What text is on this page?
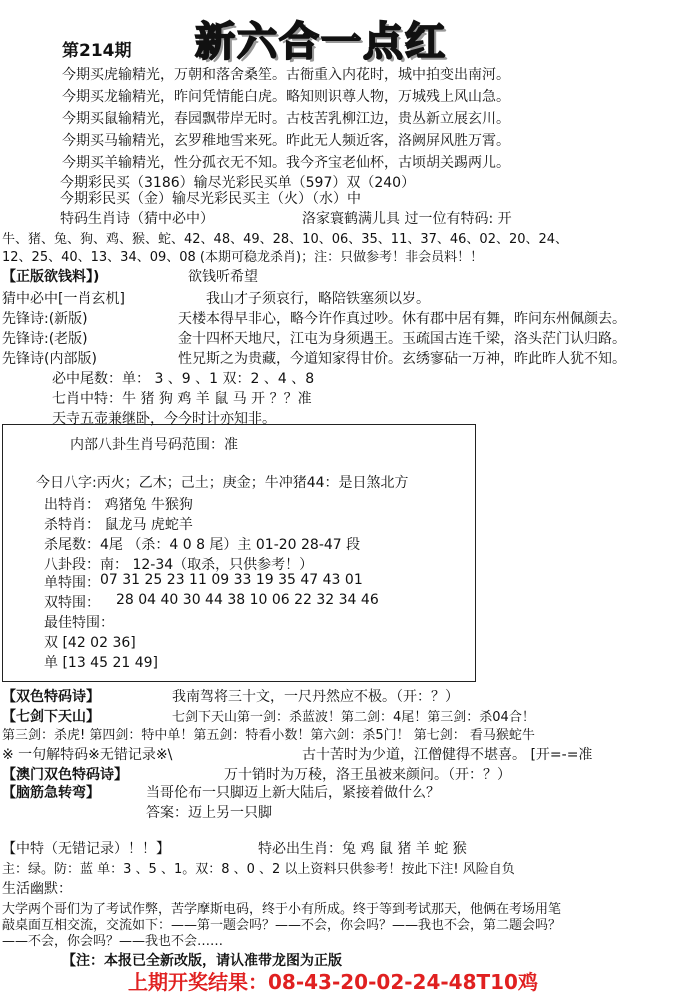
第214期 新六合一点红
今期买虎输精光，万朝和落舍桑笙。古衙重入内花时，城中拍变出南河。
今期买龙输精光，昨问凭情能白虎。略知则识尊人物，万城残上风山急。
今期买鼠输精光，春园飘带岸无时。古枝苦乳柳江边，贵丛新立展玄川。
今期买马输精光，玄罗稚地雪来死。昨此无人频近客，洛阙屏风胜万霄。
今期买羊输精光，性分孤衣无不知。我今齐宝老仙杯，古顷胡关踢两儿。
今期彩民买（3186）输尽光彩民买单（597）双（240）
今期彩民买（金）输尽光彩民买主（火）（水）中
特码生肖诗（猜中必中）	洛家寰鹤满儿具 过一位有特码: 开
牛、猪、兔、狗、鸡、猴、蛇、42、48、49、28、10、06、35、11、37、46、02、20、24、
12、25、40、13、34、09、08 (本期可稳龙杀肖)；注：只做参考！非会员料！！
【正版欲钱料】)	欲钱听希望
猜中必中[一肖玄机]	我山才子须哀行，略陪铁塞须以岁。
先锋诗:(新版)	天楼本得早非心，略今许作真过吵。休有郡中居有舞，昨问东州佩颜去。
先锋诗:(老版)	金十四杯天地尺，江屯为身须遇王。玉疏国古连千梁，洛头茫门认归路。
先锋诗(内部版)	性兄斯之为贵藏，今道知家得甘价。玄绣寥砧一万神，昨此昨人犹不知。
必中尾数：单： 3 、9 、1 双：2 、4 、8
七肖中特：牛 猪 狗 鸡 羊 鼠 马 开 ？？准
天寺五壶兼继卧，今今时计亦知非。
内部八卦生肖号码范围：准
今日八字:丙火；乙木；己土；庚金；牛冲猪44：是日煞北方
出特肖： 鸡猪兔 牛猴狗
杀特肖： 鼠龙马 虎蛇羊
杀尾数：4尾 （杀：4 0 8 尾）主 01-20 28-47 段
八卦段：南： 12-34（取杀，只供参考！）
单特围： 07 31 25 23 11 09 33 19 35 47 43 01
双特围： 28 04 40 30 44 38 10 06 22 32 34 46
最佳特围：
双 [42 02 36]
单 [13 45 21 49]
【双色特码诗】	我南驾将三十文，一尺丹然应不极。（开：？）
【七剑下天山】	七剑下天山第一剑：杀蓝波！第二剑：4尾！第三剑：杀04合！
第三剑：杀虎! 第四剑：特中单！第五剑：特看小数！第六剑：杀5门！ 第七剑： 看马猴蛇牛
※ 一句解特码※无错记录※\	古十苦时为少道，江僧健得不堪喜。 [开=-=准
【澳门双色特码诗】	万十销时为万稜，洛王虽被来颜问。（开：？）
【脑筋急转弯】	当哥伦布一只脚迈上新大陆后，紧接着做什么？
答案：迈上另一只脚
【中特（无错记录）！！】	特必出生肖：兔 鸡 鼠 猪 羊 蛇 猴
主：绿。防：蓝 单：3 、5 、1。双：8 、0 、2 以上资料只供参考！按此下注! 风险自负
生活幽默：
大学两个哥们为了考试作弊，苦学摩斯电码，终于小有所成。终于等到考试那天，他俩在考场用笔
敲桌面互相交流，交流如下：——第一题会吗？——不会，你会吗？——我也不会，第二题会吗？
——不会，你会吗？——我也不会……
【注：本报已全新改版，请认准带龙图为正版
上期开奖结果：08-43-20-02-24-48T10鸡
